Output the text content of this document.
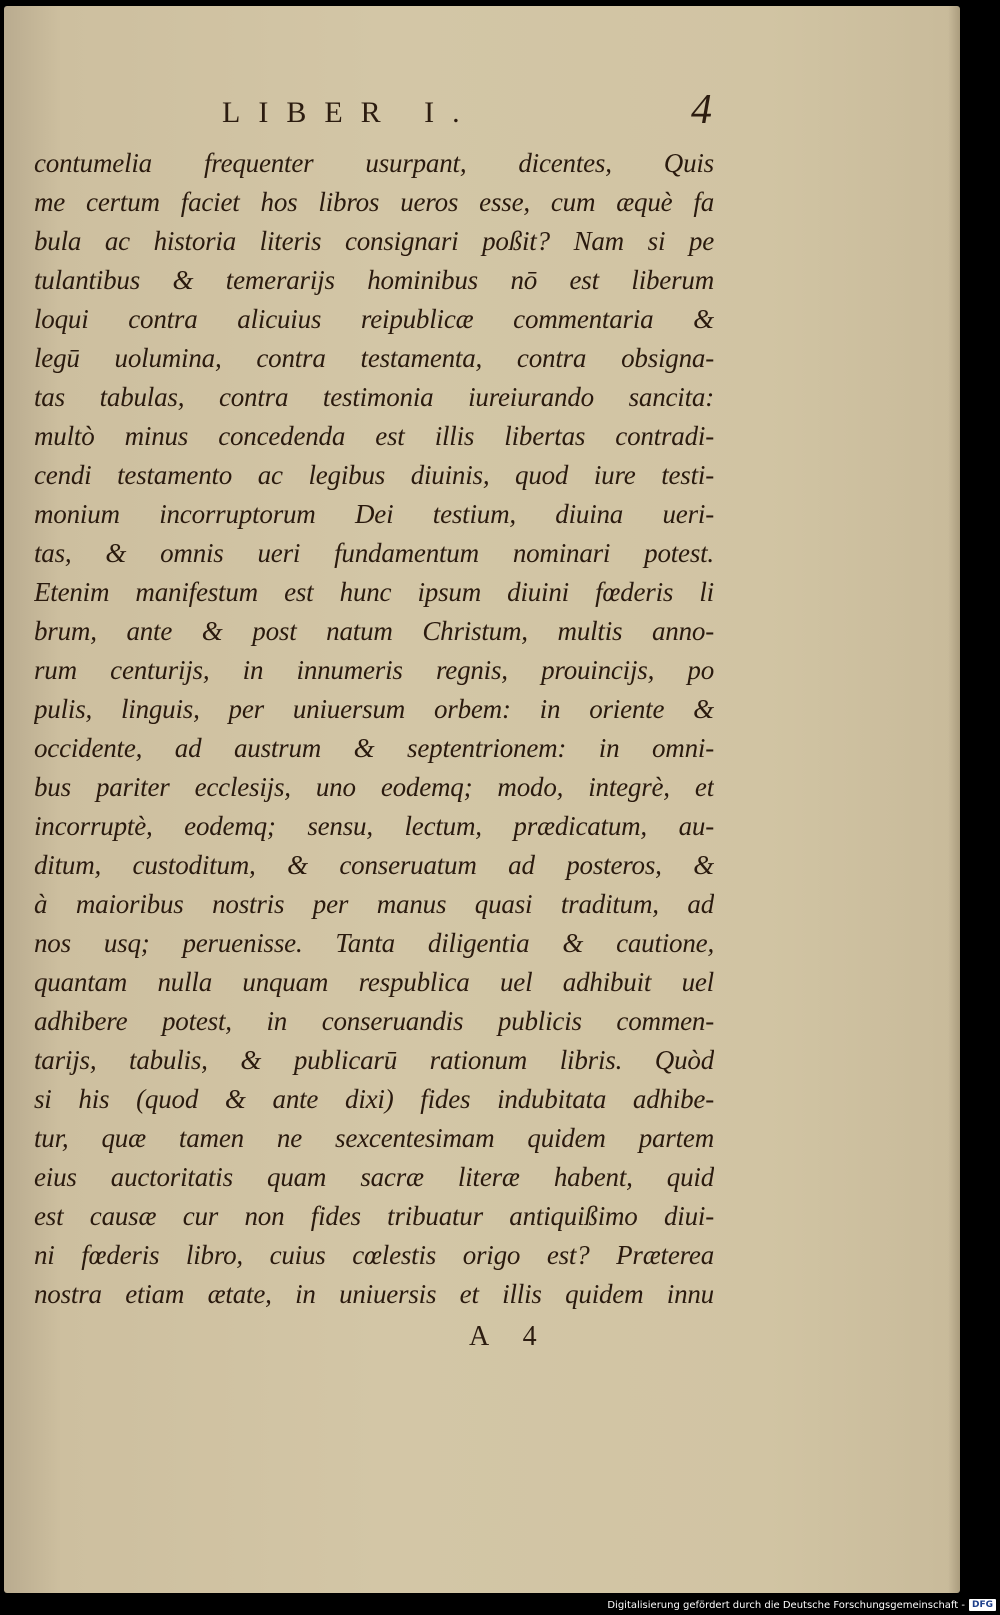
LIBER I.	4
contumelia frequenter usurpant, dicentes, Quis
me certum faciet hos libros ueros esse, cum æquè fa
bula ac historia literis consignari poßit? Nam si pe
tulantibus & temerarijs hominibus nō est liberum
loqui contra alicuius reipublicæ commentaria &
legū uolumina, contra testamenta, contra obsigna-
tas tabulas, contra testimonia iureiurando sancita:
multò minus concedenda est illis libertas contradi-
cendi testamento ac legibus diuinis, quod iure testi-
monium incorruptorum Dei testium, diuina ueri-
tas, & omnis ueri fundamentum nominari potest.
Etenim manifestum est hunc ipsum diuini fœderis li
brum, ante & post natum Christum, multis anno-
rum centurijs, in innumeris regnis, prouincijs, po
pulis, linguis, per uniuersum orbem: in oriente &
occidente, ad austrum & septentrionem: in omni-
bus pariter ecclesijs, uno eodemq; modo, integrè, et
incorruptè, eodemq; sensu, lectum, prædicatum, au-
ditum, custoditum, & conseruatum ad posteros, &
à maioribus nostris per manus quasi traditum, ad
nos usq; peruenisse. Tanta diligentia & cautione,
quantam nulla unquam respublica uel adhibuit uel
adhibere potest, in conseruandis publicis commen-
tarijs, tabulis, & publicarū rationum libris. Quòd
si his (quod & ante dixi) fides indubitata adhibe-
tur, quæ tamen ne sexcentesimam quidem partem
eius auctoritatis quam sacræ literæ habent, quid
est causæ cur non fides tribuatur antiquißimo diui-
ni fœderis libro, cuius cœlestis origo est? Præterea
nostra etiam ætate, in uniuersis et illis quidem innu
A 4
Digitalisierung gefördert durch die Deutsche Forschungsgemeinschaft - DFG
